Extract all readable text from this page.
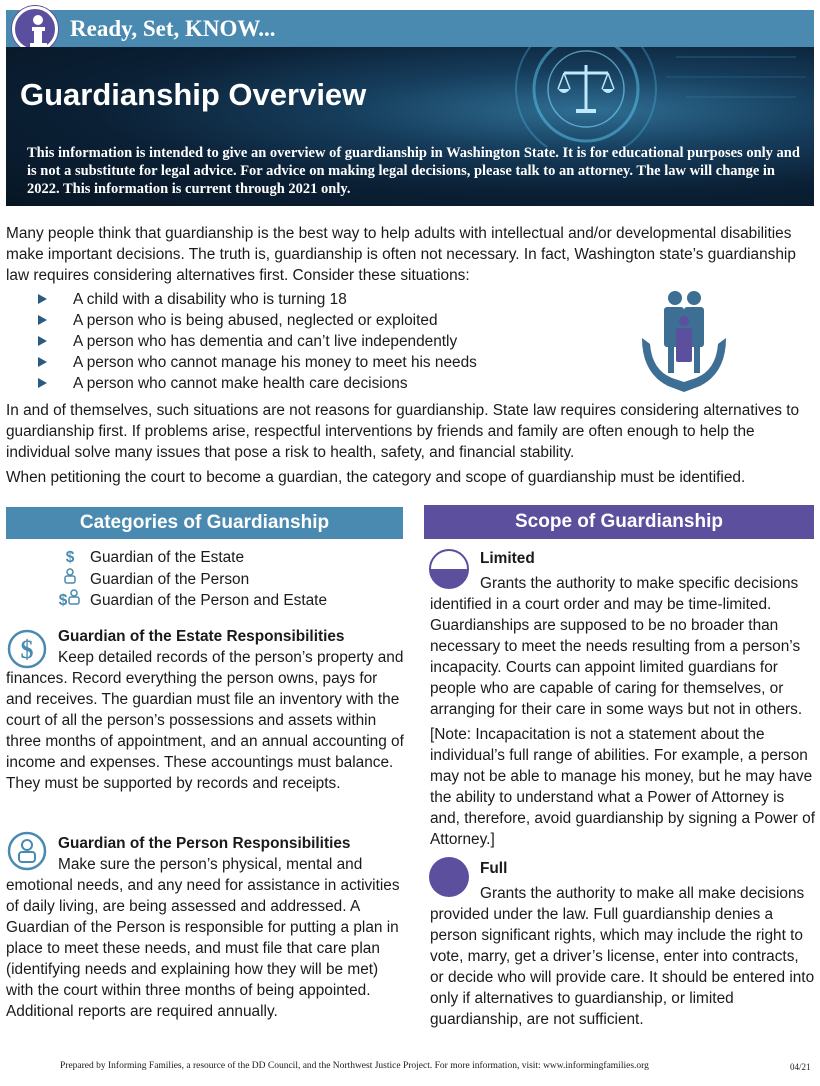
Ready, Set, KNOW...
Guardianship Overview
This information is intended to give an overview of guardianship in Washington State. It is for educational purposes only and is not a substitute for legal advice. For advice on making legal decisions, please talk to an attorney. The law will change in 2022. This information is current through 2021 only.
Many people think that guardianship is the best way to help adults with intellectual and/or developmental disabilities make important decisions. The truth is, guardianship is often not necessary. In fact, Washington state’s guardianship law requires considering alternatives first. Consider these situations:
A child with a disability who is turning 18
A person who is being abused, neglected or exploited
A person who has dementia and can’t live independently
A person who cannot manage his money to meet his needs
A person who cannot make health care decisions
In and of themselves, such situations are not reasons for guardianship. State law requires considering alternatives to guardianship first. If problems arise, respectful interventions by friends and family are often enough to help the individual solve many issues that pose a risk to health, safety, and financial stability.
When petitioning the court to become a guardian, the category and scope of guardianship must be identified.
Categories of Guardianship	Scope of Guardianship
$ Guardian of the Estate
Guardian of the Person
$ Guardian of the Person and Estate
$	Guardian of the Estate Responsibilities
Keep detailed records of the person’s property and finances. Record everything the person owns, pays for and receives. The guardian must file an inventory with the court of all the person’s possessions and assets within three months of appointment, and an annual accounting of income and expenses. These accountings must balance. They must be supported by records and receipts.
Guardian of the Person Responsibilities
Make sure the person’s physical, mental and emotional needs, and any need for assistance in activities of daily living, are being assessed and addressed. A Guardian of the Person is responsible for putting a plan in place to meet these needs, and must file that care plan (identifying needs and explaining how they will be met) with the court within three months of being appointed. Additional reports are required annually.
Limited
Grants the authority to make specific decisions identified in a court order and may be time-limited. Guardianships are supposed to be no broader than necessary to meet the needs resulting from a person’s incapacity. Courts can appoint limited guardians for people who are capable of caring for themselves, or arranging for their care in some ways but not in others.
[Note: Incapacitation is not a statement about the individual’s full range of abilities. For example, a person may not be able to manage his money, but he may have the ability to understand what a Power of Attorney is and, therefore, avoid guardianship by signing a Power of Attorney.]
Full
Grants the authority to make all make decisions provided under the law. Full guardianship denies a person significant rights, which may include the right to vote, marry, get a driver’s license, enter into contracts, or decide who will provide care. It should be entered into only if alternatives to guardianship, or limited guardianship, are not sufficient.
Prepared by Informing Families, a resource of the DD Council, and the Northwest Justice Project. For more information, visit: www.informingfamilies.org	04/21
